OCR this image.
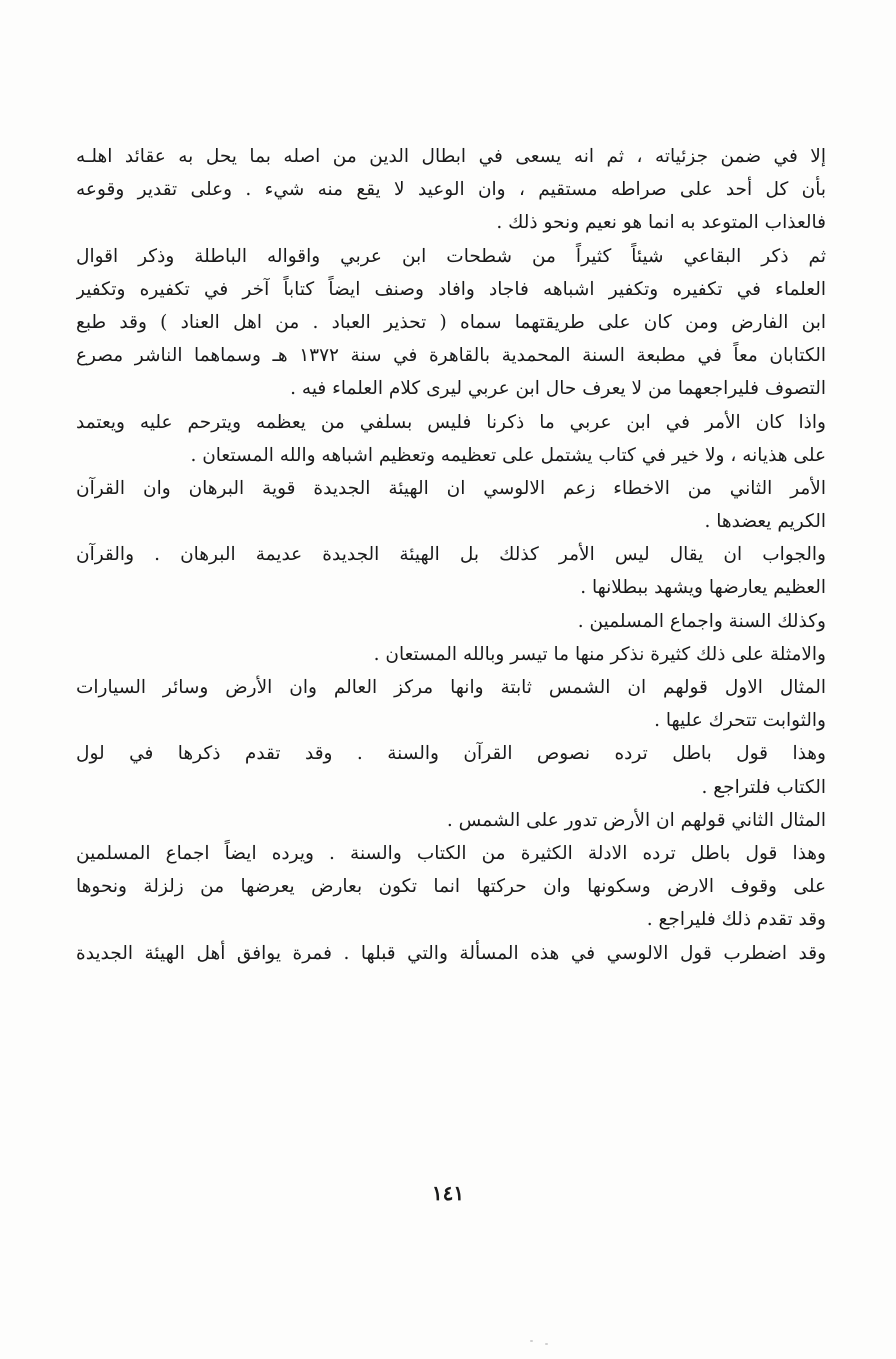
إلا في ضمن جزئياته ، ثم انه يسعى في ابطال الدين من اصله بما يحل به عقائد اهلـه
بأن كل أحد على صراطه مستقيم ، وان الوعيد لا يقع منه شيء . وعلى تقدير وقوعه
فالعذاب المتوعد به انما هو نعيم ونحو ذلك .
ثم ذكر البقاعي شيئاً كثيراً من شطحات ابن عربي واقواله الباطلة وذكر اقوال
العلماء في تكفيره وتكفير اشباهه فاجاد وافاد وصنف ايضاً كتاباً آخر في تكفيره وتكفير
ابن الفارض ومن كان على طريقتهما سماه ( تحذير العباد . من اهل العناد ) وقد طبع
الكتابان معاً في مطبعة السنة المحمدية بالقاهرة في سنة ١٣٧٢ هـ وسماهما الناشر مصرع
التصوف فليراجعهما من لا يعرف حال ابن عربي ليرى كلام العلماء فيه .
واذا كان الأمر في ابن عربي ما ذكرنا فليس بسلفي من يعظمه ويترحم عليه ويعتمد
على هذيانه ، ولا خير في كتاب يشتمل على تعظيمه وتعظيم اشباهه والله المستعان .
الأمر الثاني من الاخطاء زعم الالوسي ان الهيئة الجديدة قوية البرهان وان القرآن
الكريم يعضدها .
والجواب ان يقال ليس الأمر كذلك بل الهيئة الجديدة عديمة البرهان . والقرآن
العظيم يعارضها ويشهد ببطلانها .
وكذلك السنة واجماع المسلمين .
والامثلة على ذلك كثيرة نذكر منها ما تيسر وبالله المستعان .
المثال الاول قولهم ان الشمس ثابتة وانها مركز العالم وان الأرض وسائر السيارات
والثوابت تتحرك عليها .
وهذا قول باطل ترده نصوص القرآن والسنة . وقد تقدم ذكرها في لول
الكتاب فلتراجع .
المثال الثاني قولهم ان الأرض تدور على الشمس .
وهذا قول باطل ترده الادلة الكثيرة من الكتاب والسنة . ويرده ايضاً اجماع المسلمين
على وقوف الارض وسكونها وان حركتها انما تكون بعارض يعرضها من زلزلة ونحوها
وقد تقدم ذلك فليراجع .
وقد اضطرب قول الالوسي في هذه المسألة والتي قبلها . فمرة يوافق أهل الهيئة الجديدة
١٤١
